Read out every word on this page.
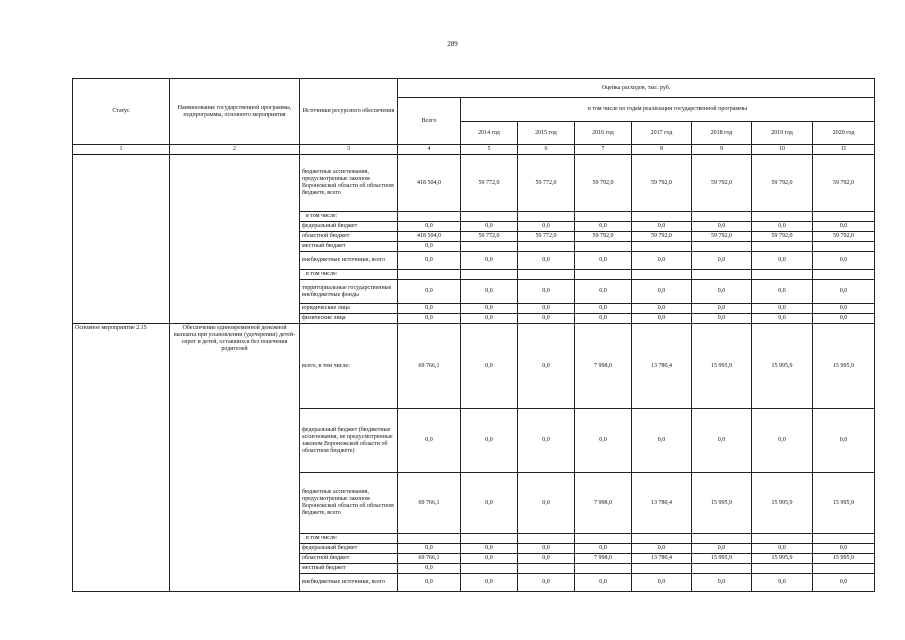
289
Статус	Наименование государственной программы, подпрограммы, основного мероприятия	Источники ресурсного обеспечения	Оценка расходов, тыс. руб.							
			Всего	в том числе по годам реализации государственной программы						
				2014 год	2015 год	2016 год	2017 год	2018 год	2019 год	2020 год
1	2	3	4	5	6	7	8	9	10	11
		бюджетные ассигнования, предусмотренные законом Воронежской области об областном бюджете, всего	418 504,0	59 772,0	59 772,0	59 792,0	59 792,0	59 792,0	59 792,0	59 792,0
		в том числе:								
		федеральный бюджет	0,0	0,0	0,0	0,0	0,0	0,0	0,0	0,0
		областной бюджет	418 504,0	59 772,0	59 772,0	59 792,0	59 792,0	59 792,0	59 792,0	59 792,0
		местный бюджет	0,0							
		внебюджетные источники, всего	0,0	0,0	0,0	0,0	0,0	0,0	0,0	0,0
		в том числе:								
		территориальные государственные внебюджетные фонды	0,0	0,0	0,0	0,0	0,0	0,0	0,0	0,0
		юридические лица	0,0	0,0	0,0	0,0	0,0	0,0	0,0	0,0
		физические лица	0,0	0,0	0,0	0,0	0,0	0,0	0,0	0,0
Основное мероприятие 2.15	Обеспечение единовременной денежной выплаты при усыновлении (удочерении) детей-сирот и детей, оставшихся без попечения родителей	всего, в том числе:	69 766,1	0,0	0,0	7 998,0	13 780,4	15 995,9	15 995,9	15 995,9
		федеральный бюджет (бюджетные ассигнования, не предусмотренные законом Воронежской области об областном бюджете)	0,0	0,0	0,0	0,0	0,0	0,0	0,0	0,0
		бюджетные ассигнования, предусмотренные законом Воронежской области об областном бюджете, всего	69 766,1	0,0	0,0	7 998,0	13 780,4	15 995,9	15 995,9	15 995,9
		в том числе:								
		федеральный бюджет	0,0	0,0	0,0	0,0	0,0	0,0	0,0	0,0
		областной бюджет	69 766,1	0,0	0,0	7 998,0	13 780,4	15 995,9	15 995,9	15 995,9
		местный бюджет	0,0							
		внебюджетные источники, всего	0,0	0,0	0,0	0,0	0,0	0,0	0,0	0,0
